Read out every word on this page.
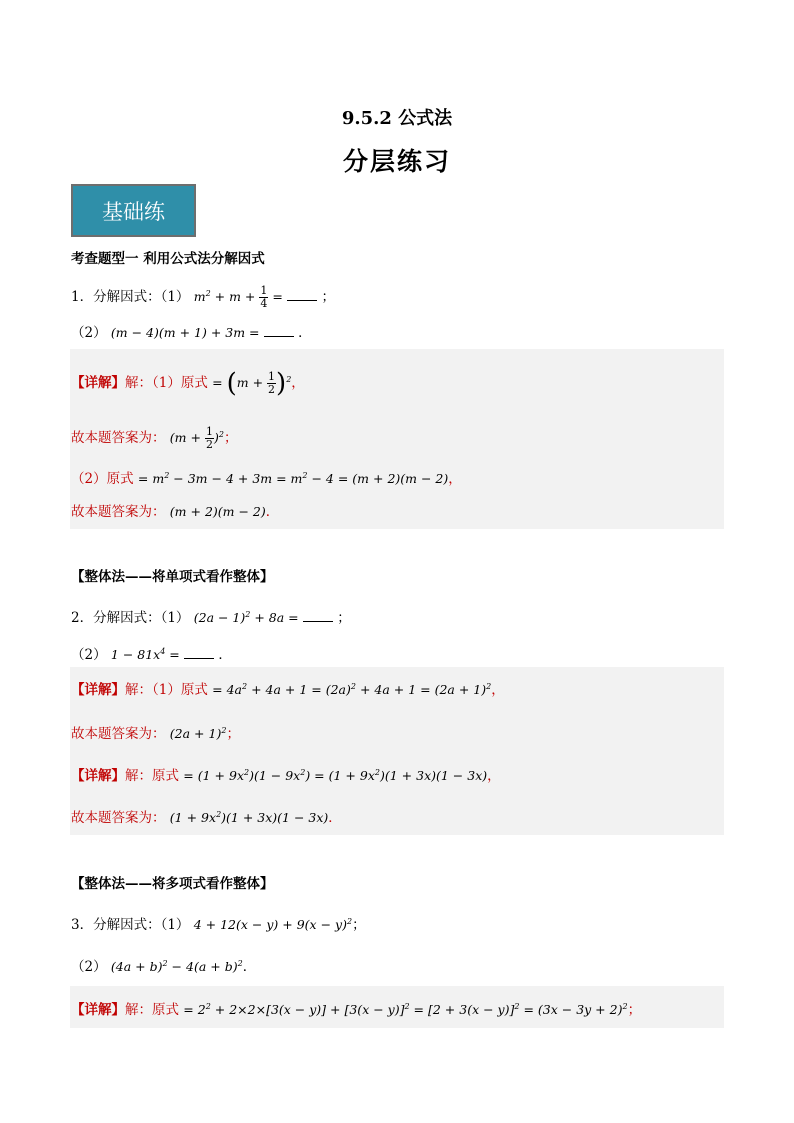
9.5.2 公式法
分层练习
基础练
考查题型一 利用公式法分解因式
1．分解因式：（1） $m^2 + m + \frac{1}{4}$ =	；
（2） (m − 4)(m + 1) + 3m =	．
【详解】解：（1）原式 = $(m + \frac{1}{2} )^2$，
故本题答案为： $(m + \frac{1}{2} )^2$；
（2）原式 = $m^2 - 3m - 4 + 3m = m^2 - 4 = (m + 2)(m - 2)$，
故本题答案为： (m + 2)(m − 2)．
【整体法——将单项式看作整体】
2．分解因式：（1） $(2a - 1)^2 + 8a$ =	；
（2） $1 - 81x^4$ =	．
【详解】解：（1）原式 = $4a^2 + 4a + 1 = (2a)^2 + 4a + 1 = (2a + 1)^2$，
故本题答案为： $(2a + 1)^2$；
【详解】解：原式 = $(1 + 9x^2)(1 - 9x^2) = (1 + 9x^2)(1 + 3x)(1 - 3x)$，
故本题答案为： $(1 + 9x^2)(1 + 3x)(1 - 3x)$．
【整体法——将多项式看作整体】
3．分解因式：（1） $4 + 12(x - y) + 9(x - y)^2$；
（2） $(4a + b)^2 - 4(a + b)^2$．
【详解】解：原式 = $2^2 + 2\times 2\times[3(x - y)] + [3(x - y)]^2 = [2 + 3(x - y)]^2 = (3x - 3y + 2)^2$；
